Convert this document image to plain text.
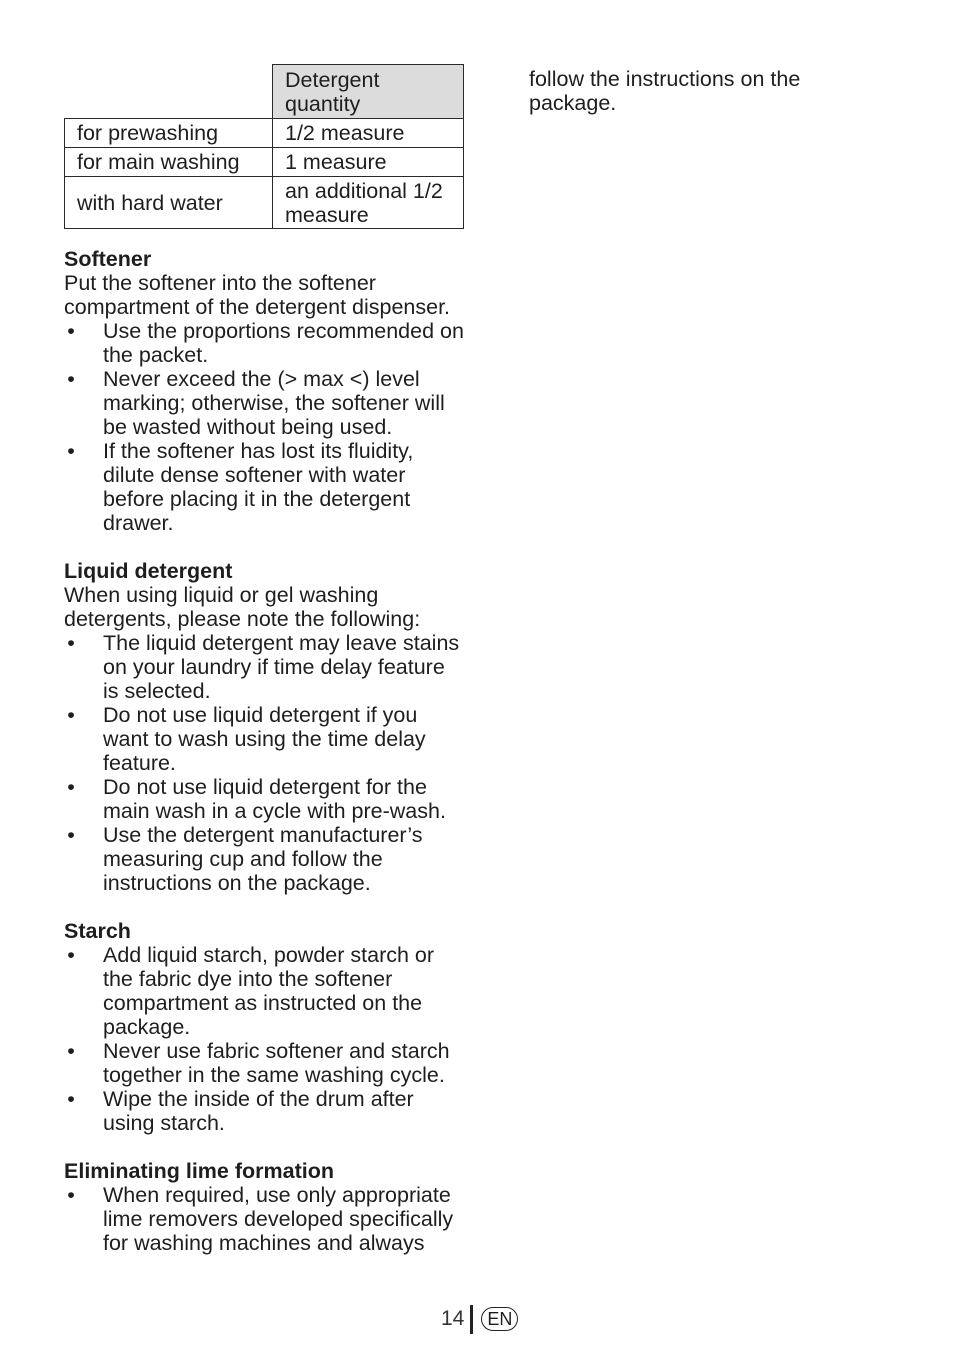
	Detergent quantity
for prewashing	1/2 measure
for main washing	1 measure
with hard water	an additional 1/2 measure
Softener

Put the softener into the softener compartment of the detergent dispenser.

• Use the proportions recommended on the packet.
• Never exceed the (> max <) level marking; otherwise, the softener will be wasted without being used.
• If the softener has lost its fluidity, dilute dense softener with water before placing it in the detergent drawer.
Liquid detergent

When using liquid or gel washing detergents, please note the following:

• The liquid detergent may leave stains on your laundry if time delay feature is selected.
• Do not use liquid detergent if you want to wash using the time delay feature.
• Do not use liquid detergent for the main wash in a cycle with pre-wash.
• Use the detergent manufacturer’s measuring cup and follow the instructions on the package.
Starch
• Add liquid starch, powder starch or the fabric dye into the softener compartment as instructed on the package.
• Never use fabric softener and starch together in the same washing cycle.
• Wipe the inside of the drum after using starch.
Eliminating lime formation
• When required, use only appropriate lime removers developed specifically for washing machines and always

follow the instructions on the package.

14	EN
